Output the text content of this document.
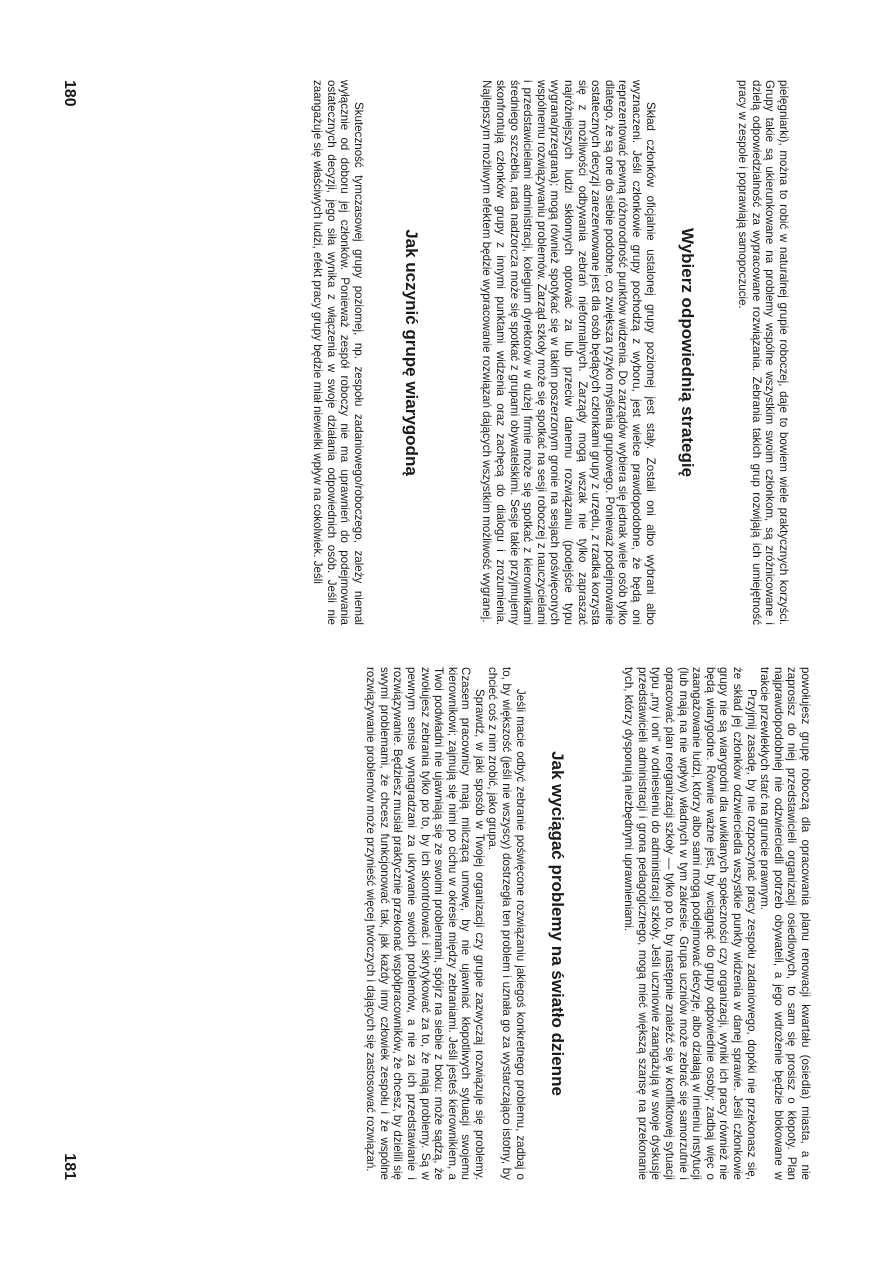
pielęgniarki), można to robić w naturalnej grupie roboczej, daje to bowiem wiele praktycznych korzyści. Grupy takie są ukierunkowane na problemy wspólne wszystkim swoim członkom, są zróżnicowane i dzielą odpowiedzialność za wypracowane rozwiązania. Zebrania takich grup rozwijają ich umiejętność pracy w zespole i poprawiają samopoczucie.

Wybierz odpowiednią strategię

Skład członków oficjalnie ustalonej grupy poziomej jest stały. Zostali oni albo wybrani albo wyznaczeni. Jeśli członkowie grupy pochodzą z wyboru, jest wielce prawdopodobne, że będą oni reprezentować pewną różnorodność punktów widzenia. Do zarządów wybiera się jednak wiele osób tylko dlatego, że są one do siebie podobne, co zwiększa ryzyko myślenia grupowego. Ponieważ podejmowanie ostatecznych decyzji zarezerwowane jest dla osób będących członkami grupy z urzędu, z rzadka korzysta się z możliwości odbywania zebrań nieformalnych. Zarządy mogą wszak nie tylko zapraszać najróżniejszych ludzi skłonnych optować za lub przeciw danemu rozwiązaniu (podejście typu wygrana/przegrana); mogą również spotykać się w takim poszerzonym gronie na sesjach poświęconych wspólnemu rozwiązywaniu problemów. Zarząd szkoły może się spotkać na sesji roboczej z nauczycielami i przedstawicielami administracji, kolegium dyrektorów w dużej firmie może się spotkać z kierownikami średniego szczebla, rada nadzorcza może się spotkać z grupami obywatelskimi. Sesje takie przyjmujemy skonfrontują członków grupy z innymi punktami widzenia oraz zachęcą do dialogu i zrozumienia. Najlepszym możliwym efektem będzie wypracowanie rozwiązań dających wszystkim możliwość wygranej.

Jak uczynić grupę wiarygodną

Skuteczność tymczasowej grupy poziomej, np. zespołu zadaniowego/roboczego, zależy niemal wyłącznie od doboru jej członków. Ponieważ zespół roboczy nie ma uprawnień do podejmowania ostatecznych decyzji, jego siła wynika z włączenia w swoje działania odpowiednich osób. Jeśli nie zaangażuje się właściwych ludzi, efekt pracy grupy będzie miał niewielki wpływ na cokolwiek. Jeśli

180

powołujesz grupę roboczą dla opracowania planu renowacji kwartału (osiedla) miasta, a nie zaprosisz do niej przedstawicieli organizacji osiedlowych, to sam się prosisz o kłopoty. Plan najprawdopodobniej nie odzwierciedli potrzeb obywateli, a jego wdrożenie będzie blokowane w trakcie przewlekłych starć na gruncie prawnym.

Przyjmij zasadę, by nie rozpoczynać pracy zespołu zadaniowego, dopóki nie przekonasz się, że skład jej członków odzwierciedla wszystkie punkty widzenia w danej sprawie. Jeśli członkowie grupy nie są wiarygodni dla uwikłanych społeczności czy organizacji, wyniki ich pracy również nie będą wiarygodne. Równie ważne jest, by wciągnąć do grupy odpowiednie osoby; zadbaj więc o zaangażowanie ludzi, którzy albo sami mogą podejmować decyzje, albo działają w imieniu instytucji (lub mają na nie wpływ) władnych w tym zakresie. Grupa uczniów może zebrać się samorzutnie i opracować plan reorganizacji szkoły — tylko po to, by następnie znaleźć się w konfliktowej sytuacji typu „my i oni” w odniesieniu do administracji szkoły. Jeśli uczniowie zaangażują w swoje dyskusje przedstawicieli administracji i grona pedagogicznego, mogą mieć większą szansę na przekonanie tych, którzy dysponują niezbędnymi uprawnieniami.

Jak wyciągać problemy na światło dzienne

Jeśli macie odbyć zebranie poświęcone rozwiązaniu jakiegoś konkretnego problemu, zadbaj o to, by większość (jeśli nie wszyscy) dostrzegła ten problem i uznała go za wystarczająco istotny, by chcieć coś z nim zrobić, jako grupa.

Sprawdź, w jaki sposób w Twojej organizacji czy grupie zazwyczaj rozwiązuje się problemy. Czasem pracownicy mają milczącą umowę, by nie ujawniać kłopotliwych sytuacji swojemu kierownikowi; zajmują się nimi po cichu w okresie między zebraniami. Jeśli jesteś kierownikiem, a Twoi podwładni nie ujawniają się ze swoimi problemami, spójrz na siebie z boku: może sądzą, że zwołujesz zebrania tylko po to, by ich skontrolować i skrytykować za to, że mają problemy. Są w pewnym sensie wynagradzani za ukrywanie swoich problemów, a nie za ich przedstawianie i rozwiązywanie. Będziesz musiał praktycznie przekonać współpracowników, że chcesz, by dzielili się swymi problemami, że chcesz funkcjonować tak, jak każdy inny człowiek zespołu i że wspólne rozwiązywanie problemów może przynieść więcej twórczych i dających się zastosować rozwiązań.

181
